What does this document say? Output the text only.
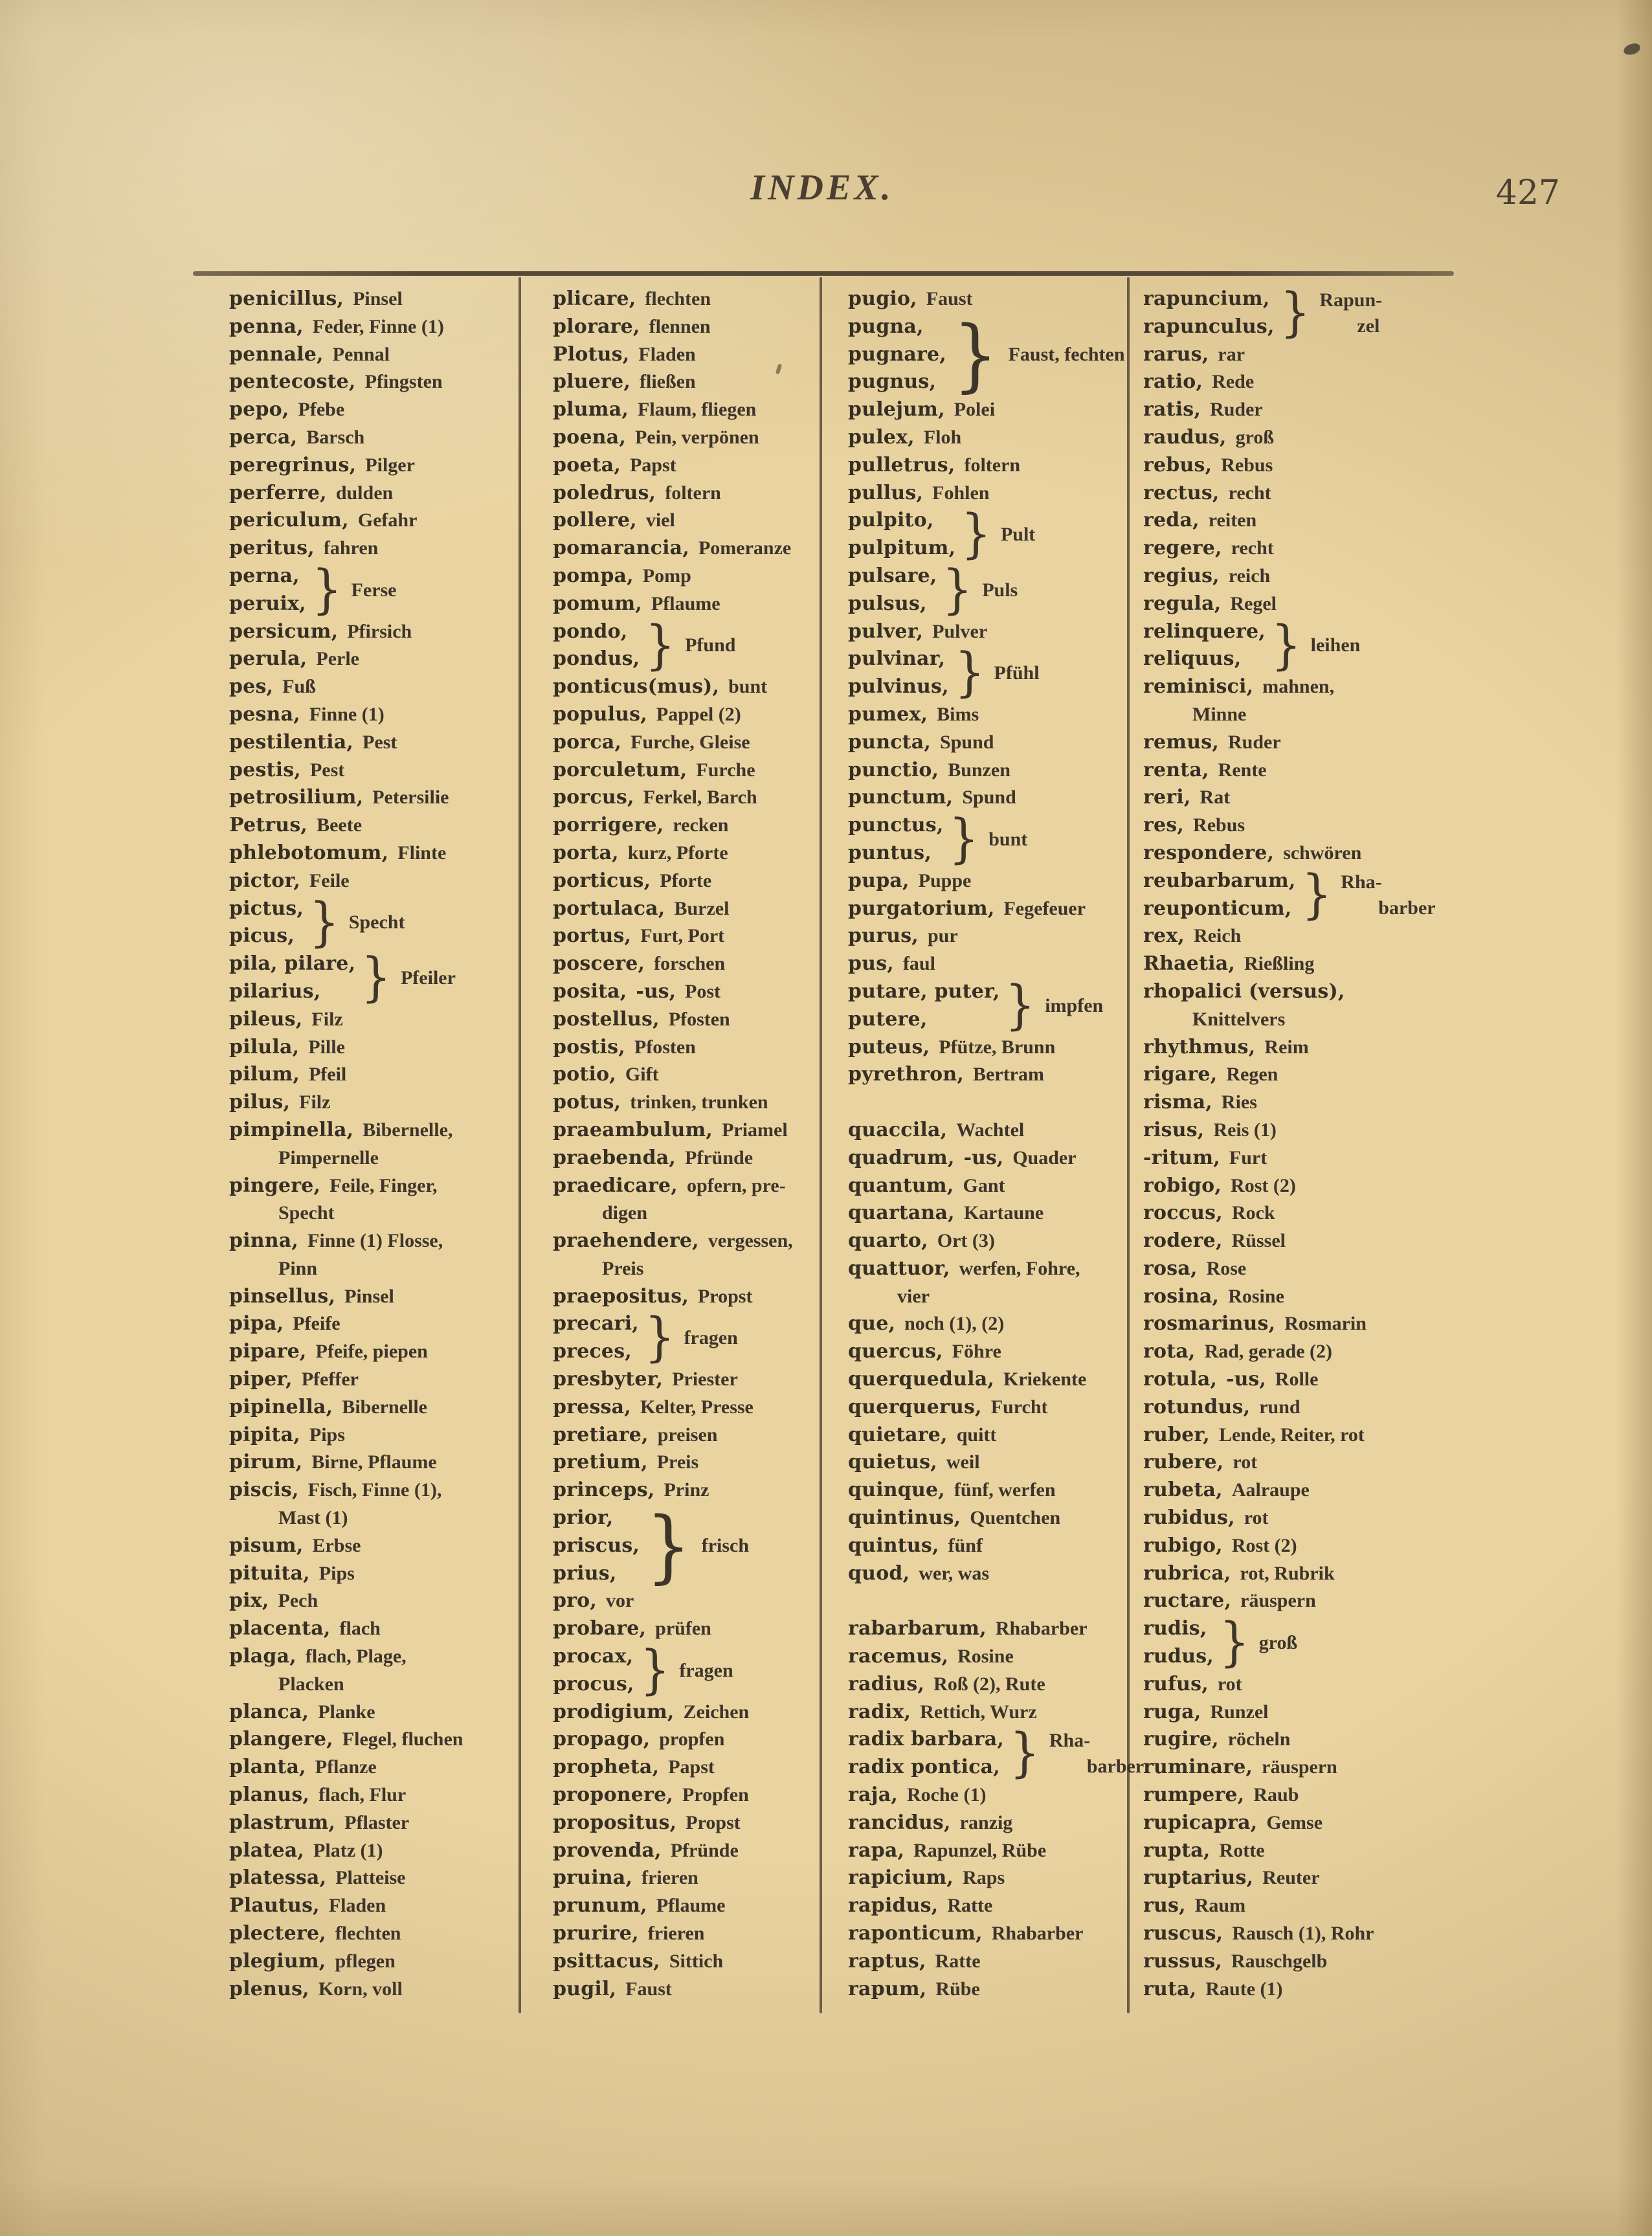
INDEX.	427
penicillus, Pinsel
penna, Feder, Finne (1)
pennale, Pennal
pentecoste, Pfingsten
pepo, Pfebe
perca, Barsch
peregrinus, Pilger
perferre, dulden
periculum, Gefahr
peritus, fahren
perna,
peruix, } Ferse
persicum, Pfirsich
perula, Perle
pes, Fuß
pesna, Finne (1)
pestilentia, Pest
pestis, Pest
petrosilium, Petersilie
Petrus, Beete
phlebotomum, Flinte
pictor, Feile
pictus,
picus, } Specht
pila, pilare,
pilarius, } Pfeiler
pileus, Filz
pilula, Pille
pilum, Pfeil
pilus, Filz
pimpinella, Bibernelle,
Pimpernelle
pingere, Feile, Finger,
Specht
pinna, Finne (1) Flosse,
Pinn
pinsellus, Pinsel
pipa, Pfeife
pipare, Pfeife, piepen
piper, Pfeffer
pipinella, Bibernelle
pipita, Pips
pirum, Birne, Pflaume
piscis, Fisch, Finne (1),
Mast (1)
pisum, Erbse
pituita, Pips
pix, Pech
placenta, flach
plaga, flach, Plage,
Placken
planca, Planke
plangere, Flegel, fluchen
planta, Pflanze
planus, flach, Flur
plastrum, Pflaster
platea, Platz (1)
platessa, Platteise
Plautus, Fladen
plectere, flechten
plegium, pflegen
plenus, Korn, voll
plicare, flechten
plorare, flennen
Plotus, Fladen
pluere, fließen
pluma, Flaum, fliegen
poena, Pein, verpönen
poeta, Papst
poledrus, foltern
pollere, viel
pomarancia, Pomeranze
pompa, Pomp
pomum, Pflaume
pondo,
pondus, } Pfund
ponticus(mus), bunt
populus, Pappel (2)
porca, Furche, Gleise
porculetum, Furche
porcus, Ferkel, Barch
porrigere, recken
porta, kurz, Pforte
porticus, Pforte
portulaca, Burzel
portus, Furt, Port
poscere, forschen
posita, -us, Post
postellus, Pfosten
postis, Pfosten
potio, Gift
potus, trinken, trunken
praeambulum, Priamel
praebenda, Pfründe
praedicare, opfern, pre-
digen
praehendere, vergessen,
Preis
praepositus, Propst
precari,
preces, } fragen
presbyter, Priester
pressa, Kelter, Presse
pretiare, preisen
pretium, Preis
princeps, Prinz
prior,
priscus,
prius, } frisch
pro, vor
probare, prüfen
procax,
procus, } fragen
prodigium, Zeichen
propago, propfen
propheta, Papst
proponere, Propfen
propositus, Propst
provenda, Pfründe
pruina, frieren
prunum, Pflaume
prurire, frieren
psittacus, Sittich
pugil, Faust
pugio, Faust
pugna,
pugnare,
pugnus, } Faust, fechten
pulejum, Polei
pulex, Floh
pulletrus, foltern
pullus, Fohlen
pulpito,
pulpitum, } Pult
pulsare,
pulsus, } Puls
pulver, Pulver
pulvinar,
pulvinus, } Pfühl
pumex, Bims
puncta, Spund
punctio, Bunzen
punctum, Spund
punctus,
puntus, } bunt
pupa, Puppe
purgatorium, Fegefeuer
purus, pur
pus, faul
putare, puter,
putere,	} impfen
puteus, Pfütze, Brunn
pyrethron, Bertram
quaccila, Wachtel
quadrum, -us, Quader
quantum, Gant
quartana, Kartaune
quarto, Ort (3)
quattuor, werfen, Fohre,
vier
que, noch (1), (2)
quercus, Föhre
querquedula, Kriekente
querquerus, Furcht
quietare, quitt
quietus, weil
quinque, fünf, werfen
quintinus, Quentchen
quintus, fünf
quod, wer, was
rabarbarum, Rhabarber
racemus, Rosine
radius, Roß (2), Rute
radix, Rettich, Wurz
radix barbara,
radix pontica, } Rha-
barber
raja, Roche (1)
rancidus, ranzig
rapa, Rapunzel, Rübe
rapicium, Raps
rapidus, Ratte
raponticum, Rhabarber
raptus, Ratte
rapum, Rübe
rapuncium,
rapunculus, } Rapun-
zel
rarus, rar
ratio, Rede
ratis, Ruder
raudus, groß
rebus, Rebus
rectus, recht
reda, reiten
regere, recht
regius, reich
regula, Regel
relinquere,
reliquus, } leihen
reminisci, mahnen,
Minne
remus, Ruder
renta, Rente
reri, Rat
res, Rebus
respondere, schwören
reubarbarum,
reuponticum, } Rha-
barber
rex, Reich
Rhaetia, Rießling
rhopalici (versus),
Knittelvers
rhythmus, Reim
rigare, Regen
risma, Ries
risus, Reis (1)
-ritum, Furt
robigo, Rost (2)
roccus, Rock
rodere, Rüssel
rosa, Rose
rosina, Rosine
rosmarinus, Rosmarin
rota, Rad, gerade (2)
rotula, -us, Rolle
rotundus, rund
ruber, Lende, Reiter, rot
rubere, rot
rubeta, Aalraupe
rubidus, rot
rubigo, Rost (2)
rubrica, rot, Rubrik
ructare, räuspern
rudis,
rudus, } groß
rufus, rot
ruga, Runzel
rugire, röcheln
ruminare, räuspern
rumpere, Raub
rupicapra, Gemse
rupta, Rotte
ruptarius, Reuter
rus, Raum
ruscus, Rausch (1), Rohr
russus, Rauschgelb
ruta, Raute (1)
